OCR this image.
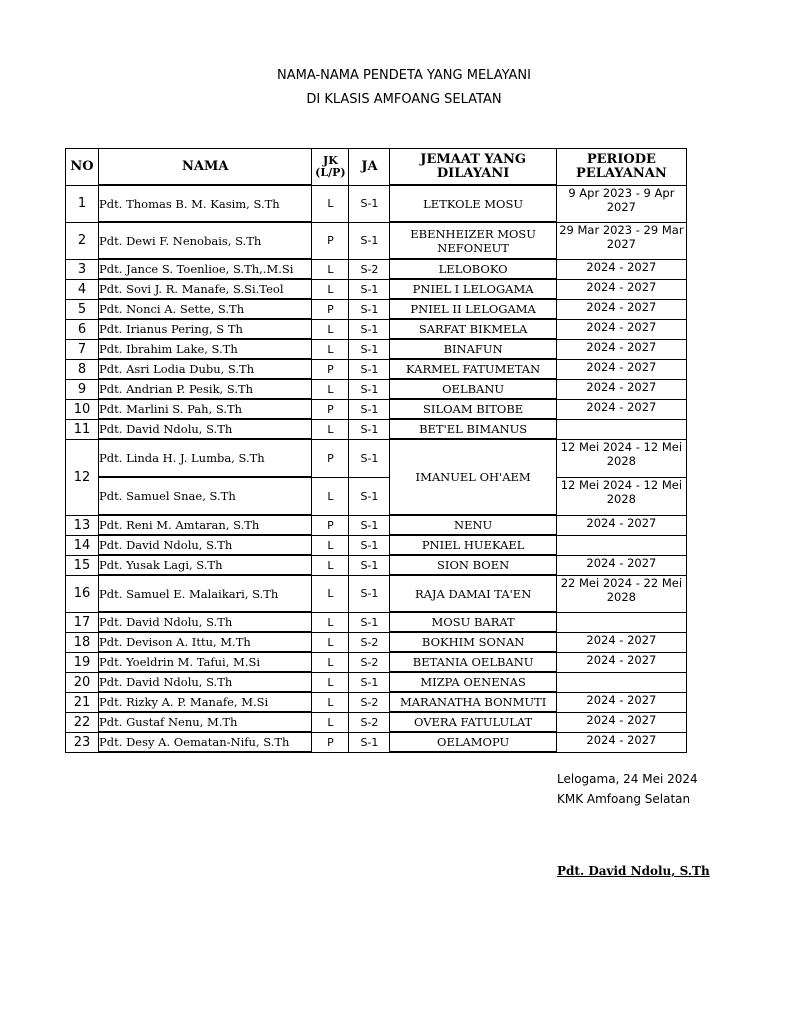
NAMA-NAMA PENDETA YANG MELAYANI
DI KLASIS AMFOANG SELATAN
NO	NAMA	JK (L/P)	JA	JEMAAT YANG DILAYANI	PERIODE PELAYANAN
1	Pdt. Thomas B. M. Kasim, S.Th	L	S-1	LETKOLE MOSU	9 Apr 2023 - 9 Apr 2027
2	Pdt. Dewi F. Nenobais, S.Th	P	S-1	EBENHEIZER MOSU NEFONEUT	29 Mar 2023 - 29 Mar 2027
3	Pdt. Jance S. Toenlioe, S.Th,.M.Si	L	S-2	LELOBOKO	2024 - 2027
4	Pdt. Sovi J. R. Manafe, S.Si.Teol	L	S-1	PNIEL I LELOGAMA	2024 - 2027
5	Pdt. Nonci A. Sette, S.Th	P	S-1	PNIEL II LELOGAMA	2024 - 2027
6	Pdt. Irianus Pering, S Th	L	S-1	SARFAT BIKMELA	2024 - 2027
7	Pdt. Ibrahim Lake, S.Th	L	S-1	BINAFUN	2024 - 2027
8	Pdt. Asri Lodia Dubu, S.Th	P	S-1	KARMEL FATUMETAN	2024 - 2027
9	Pdt. Andrian P. Pesik, S.Th	L	S-1	OELBANU	2024 - 2027
10	Pdt. Marlini S. Pah, S.Th	P	S-1	SILOAM BITOBE	2024 - 2027
11	Pdt. David Ndolu, S.Th	L	S-1	BET'EL BIMANUS	
12	Pdt. Linda H. J. Lumba, S.Th	P	S-1	IMANUEL OH'AEM	12 Mei 2024 - 12 Mei 2028
	Pdt. Samuel Snae, S.Th	L	S-1		12 Mei 2024 - 12 Mei 2028
13	Pdt. Reni M. Amtaran, S.Th	P	S-1	NENU	2024 - 2027
14	Pdt. David Ndolu, S.Th	L	S-1	PNIEL HUEKAEL	
15	Pdt. Yusak Lagi, S.Th	L	S-1	SION BOEN	2024 - 2027
16	Pdt. Samuel E. Malaikari, S.Th	L	S-1	RAJA DAMAI TA'EN	22 Mei 2024 - 22 Mei 2028
17	Pdt. David Ndolu, S.Th	L	S-1	MOSU BARAT	
18	Pdt. Devison A. Ittu, M.Th	L	S-2	BOKHIM SONAN	2024 - 2027
19	Pdt. Yoeldrin M. Tafui, M.Si	L	S-2	BETANIA OELBANU	2024 - 2027
20	Pdt. David Ndolu, S.Th	L	S-1	MIZPA OENENAS	
21	Pdt. Rizky A. P. Manafe, M.Si	L	S-2	MARANATHA BONMUTI	2024 - 2027
22	Pdt. Gustaf Nenu, M.Th	L	S-2	OVERA FATULULAT	2024 - 2027
23	Pdt. Desy A. Oematan-Nifu, S.Th	P	S-1	OELAMOPU	2024 - 2027
Lelogama, 24 Mei 2024
KMK Amfoang Selatan
Pdt. David Ndolu, S.Th
